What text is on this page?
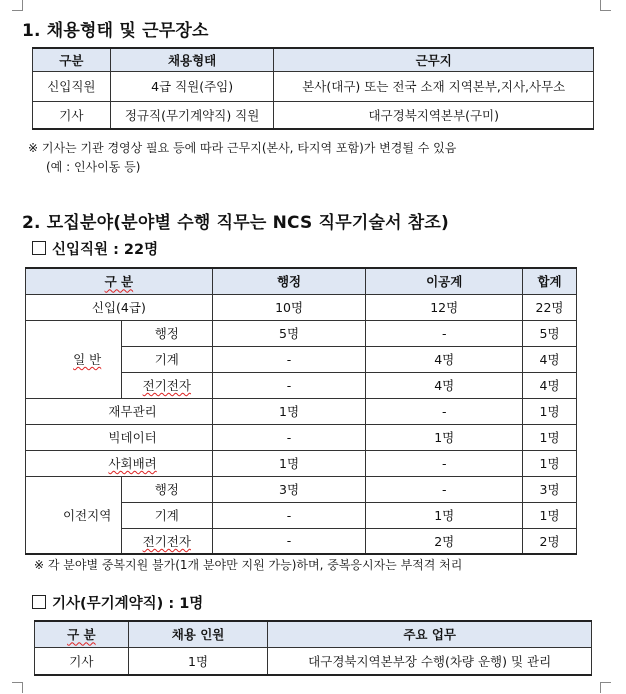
1. 채용형태 및 근무장소
구분	채용형태	근무지
신입직원	4급 직원(주임)	본사(대구) 또는 전국 소재 지역본부,지사,사무소
기사	정규직(무기계약직) 직원	대구경북지역본부(구미)
※ 기사는 기관 경영상 필요 등에 따라 근무지(본사, 타지역 포함)가 변경될 수 있음
(예 : 인사이동 등)
2. 모집분야(분야별 수행 직무는 NCS 직무기술서 참조)
신입직원 : 22명
구 분			행정	이공계	합계
신입(4급)			10명	12명	22명
	일 반	행정	5명	-	5명
		기계	-	4명	4명
		전기전자	-	4명	4명
	재무관리		1명	-	1명
	빅데이터		-	1명	1명
	사회배려		1명	-	1명
	이전지역	행정	3명	-	3명
		기계	-	1명	1명
		전기전자	-	2명	2명
※ 각 분야별 중복지원 불가(1개 분야만 지원 가능)하며, 중복응시자는 부적격 처리
기사(무기계약직) : 1명
구 분	채용 인원	주요 업무
기사	1명	대구경북지역본부장 수행(차량 운행) 및 관리
